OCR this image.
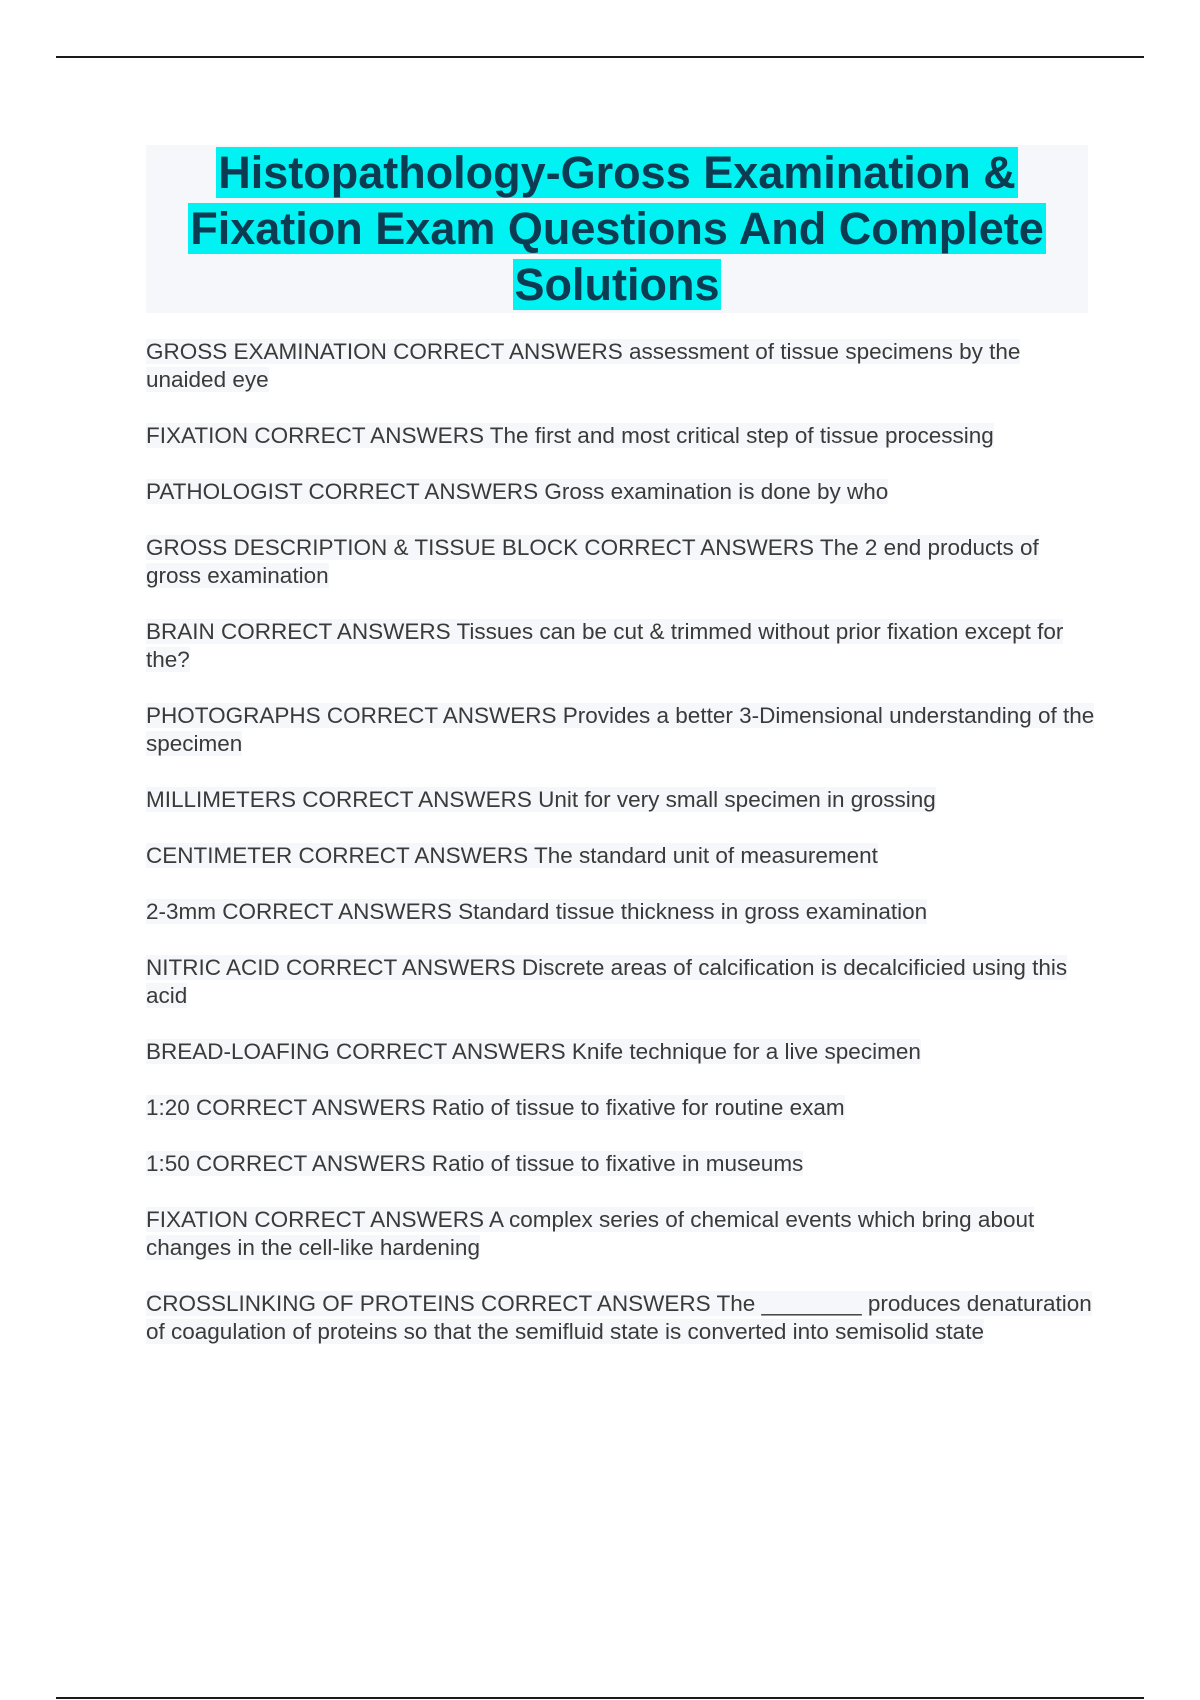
Histopathology-Gross Examination & Fixation Exam Questions And Complete Solutions
GROSS EXAMINATION CORRECT ANSWERS assessment of tissue specimens by the unaided eye
FIXATION CORRECT ANSWERS The first and most critical step of tissue processing
PATHOLOGIST CORRECT ANSWERS Gross examination is done by who
GROSS DESCRIPTION & TISSUE BLOCK CORRECT ANSWERS The 2 end products of gross examination
BRAIN CORRECT ANSWERS Tissues can be cut & trimmed without prior fixation except for the?
PHOTOGRAPHS CORRECT ANSWERS Provides a better 3-Dimensional understanding of the specimen
MILLIMETERS CORRECT ANSWERS Unit for very small specimen in grossing
CENTIMETER CORRECT ANSWERS The standard unit of measurement
2-3mm CORRECT ANSWERS Standard tissue thickness in gross examination
NITRIC ACID CORRECT ANSWERS Discrete areas of calcification is decalcificied using this acid
BREAD-LOAFING CORRECT ANSWERS Knife technique for a live specimen
1:20 CORRECT ANSWERS Ratio of tissue to fixative for routine exam
1:50 CORRECT ANSWERS Ratio of tissue to fixative in museums
FIXATION CORRECT ANSWERS A complex series of chemical events which bring about changes in the cell-like hardening
CROSSLINKING OF PROTEINS CORRECT ANSWERS The ________ produces denaturation of coagulation of proteins so that the semifluid state is converted into semisolid state
